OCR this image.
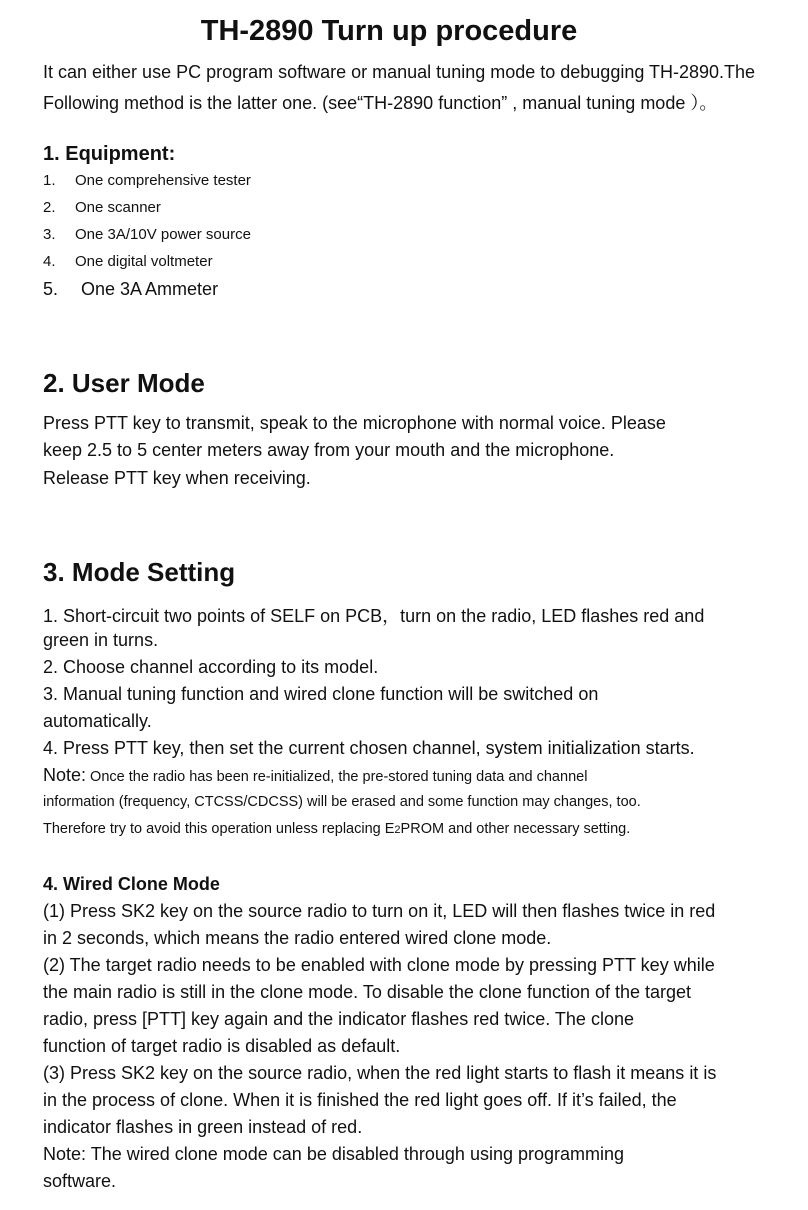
TH-2890 Turn up procedure
It can either use PC program software or manual tuning mode to debugging TH-2890.The
Following method is the latter one. (see“TH-2890 function” , manual tuning mode ）。
1. Equipment:
1. One comprehensive tester
2. One scanner
3. One 3A/10V power source
4. One digital voltmeter
5. One 3A Ammeter
2. User Mode
Press PTT key to transmit, speak to the microphone with normal voice. Please
keep 2.5 to 5 center meters away from your mouth and the microphone.
Release PTT key when receiving.
3. Mode Setting
1. Short-circuit two points of SELF on PCB，turn on the radio, LED flashes red and
green in turns.
2. Choose channel according to its model.
3. Manual tuning function and wired clone function will be switched on
automatically.
4. Press PTT key, then set the current chosen channel, system initialization starts.
Note: Once the radio has been re-initialized, the pre-stored tuning data and channel
information (frequency, CTCSS/CDCSS) will be erased and some function may changes, too.
Therefore try to avoid this operation unless replacing E2PROM and other necessary setting.
4. Wired Clone Mode
(1) Press SK2 key on the source radio to turn on it, LED will then flashes twice in red
in 2 seconds, which means the radio entered wired clone mode.
(2) The target radio needs to be enabled with clone mode by pressing PTT key while
the main radio is still in the clone mode. To disable the clone function of the target
radio, press [PTT] key again and the indicator flashes red twice. The clone
function of target radio is disabled as default.
(3) Press SK2 key on the source radio, when the red light starts to flash it means it is
in the process of clone. When it is finished the red light goes off. If it’s failed, the
indicator flashes in green instead of red.
Note: The wired clone mode can be disabled through using programming
software.
